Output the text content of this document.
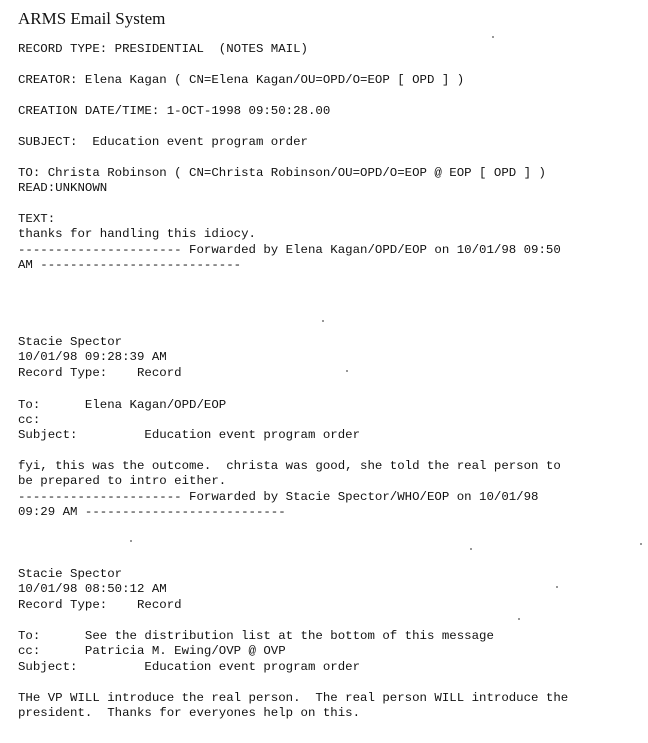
ARMS Email System
RECORD TYPE: PRESIDENTIAL  (NOTES MAIL)
CREATOR: Elena Kagan ( CN=Elena Kagan/OU=OPD/O=EOP [ OPD ] )
CREATION DATE/TIME: 1-OCT-1998 09:50:28.00
SUBJECT:  Education event program order
TO: Christa Robinson ( CN=Christa Robinson/OU=OPD/O=EOP @ EOP [ OPD ] )
READ:UNKNOWN
TEXT:
thanks for handling this idiocy.
---------------------- Forwarded by Elena Kagan/OPD/EOP on 10/01/98 09:50
AM ---------------------------
Stacie Spector
10/01/98 09:28:39 AM
Record Type:    Record
To:      Elena Kagan/OPD/EOP
cc:
Subject:         Education event program order
fyi, this was the outcome.  christa was good, she told the real person to
be prepared to intro either.
---------------------- Forwarded by Stacie Spector/WHO/EOP on 10/01/98
09:29 AM ---------------------------
Stacie Spector
10/01/98 08:50:12 AM
Record Type:    Record
To:      See the distribution list at the bottom of this message
cc:      Patricia M. Ewing/OVP @ OVP
Subject:         Education event program order
THe VP WILL introduce the real person.  The real person WILL introduce the
president.  Thanks for everyones help on this.
